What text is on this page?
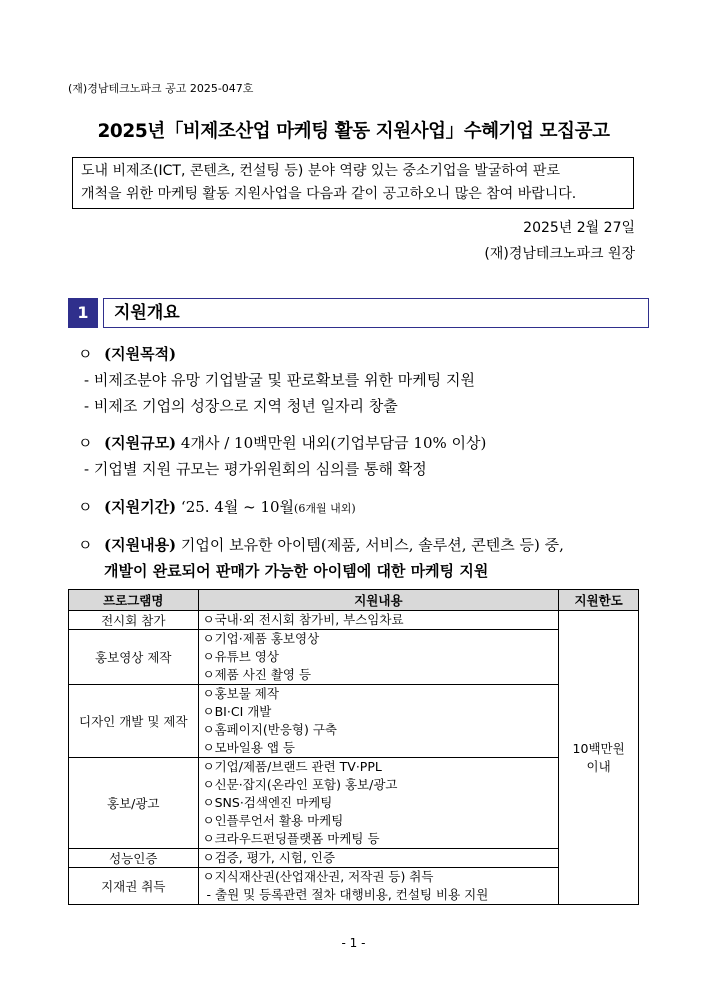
(재)경남테크노파크 공고 2025-047호
2025년「비제조산업 마케팅 활동 지원사업」수혜기업 모집공고
도내 비제조(ICT, 콘텐츠, 컨설팅 등) 분야 역량 있는 중소기업을 발굴하여 판로
개척을 위한 마케팅 활동 지원사업을 다음과 같이 공고하오니 많은 참여 바랍니다.
2025년 2월 27일
(재)경남테크노파크 원장
1	지원개요
ㅇ (지원목적)
- 비제조분야 유망 기업발굴 및 판로확보를 위한 마케팅 지원
- 비제조 기업의 성장으로 지역 청년 일자리 창출
ㅇ (지원규모) 4개사 / 10백만원 내외(기업부담금 10% 이상)
- 기업별 지원 규모는 평가위원회의 심의를 통해 확정
ㅇ (지원기간) ‘25. 4월 ~ 10월(6개월 내외)
ㅇ (지원내용) 기업이 보유한 아이템(제품, 서비스, 솔루션, 콘텐츠 등) 중,
개발이 완료되어 판매가 가능한 아이템에 대한 마케팅 지원
프로그램명	지원내용	지원한도
전시회 참가	ㅇ국내·외 전시회 참가비, 부스임차료	10백만원
이내
홍보영상 제작	ㅇ기업·제품 홍보영상
ㅇ유튜브 영상
ㅇ제품 사진 촬영 등	

디자인 개발 및 제작	ㅇ홍보물 제작
ㅇBI·CI 개발
ㅇ홈페이지(반응형) 구축
ㅇ모바일용 앱 등	

홍보/광고	ㅇ기업/제품/브랜드 관련 TV·PPL
ㅇ신문·잡지(온라인 포함) 홍보/광고
ㅇSNS·검색엔진 마케팅
ㅇ인플루언서 활용 마케팅
ㅇ크라우드펀딩플랫폼 마케팅 등	

성능인증	ㅇ검증, 평가, 시험, 인증	

지재권 취득	ㅇ지식재산권(산업재산권, 저작권 등) 취득
- 출원 및 등록관련 절차 대행비용, 컨설팅 비용 지원	
- 1 -
